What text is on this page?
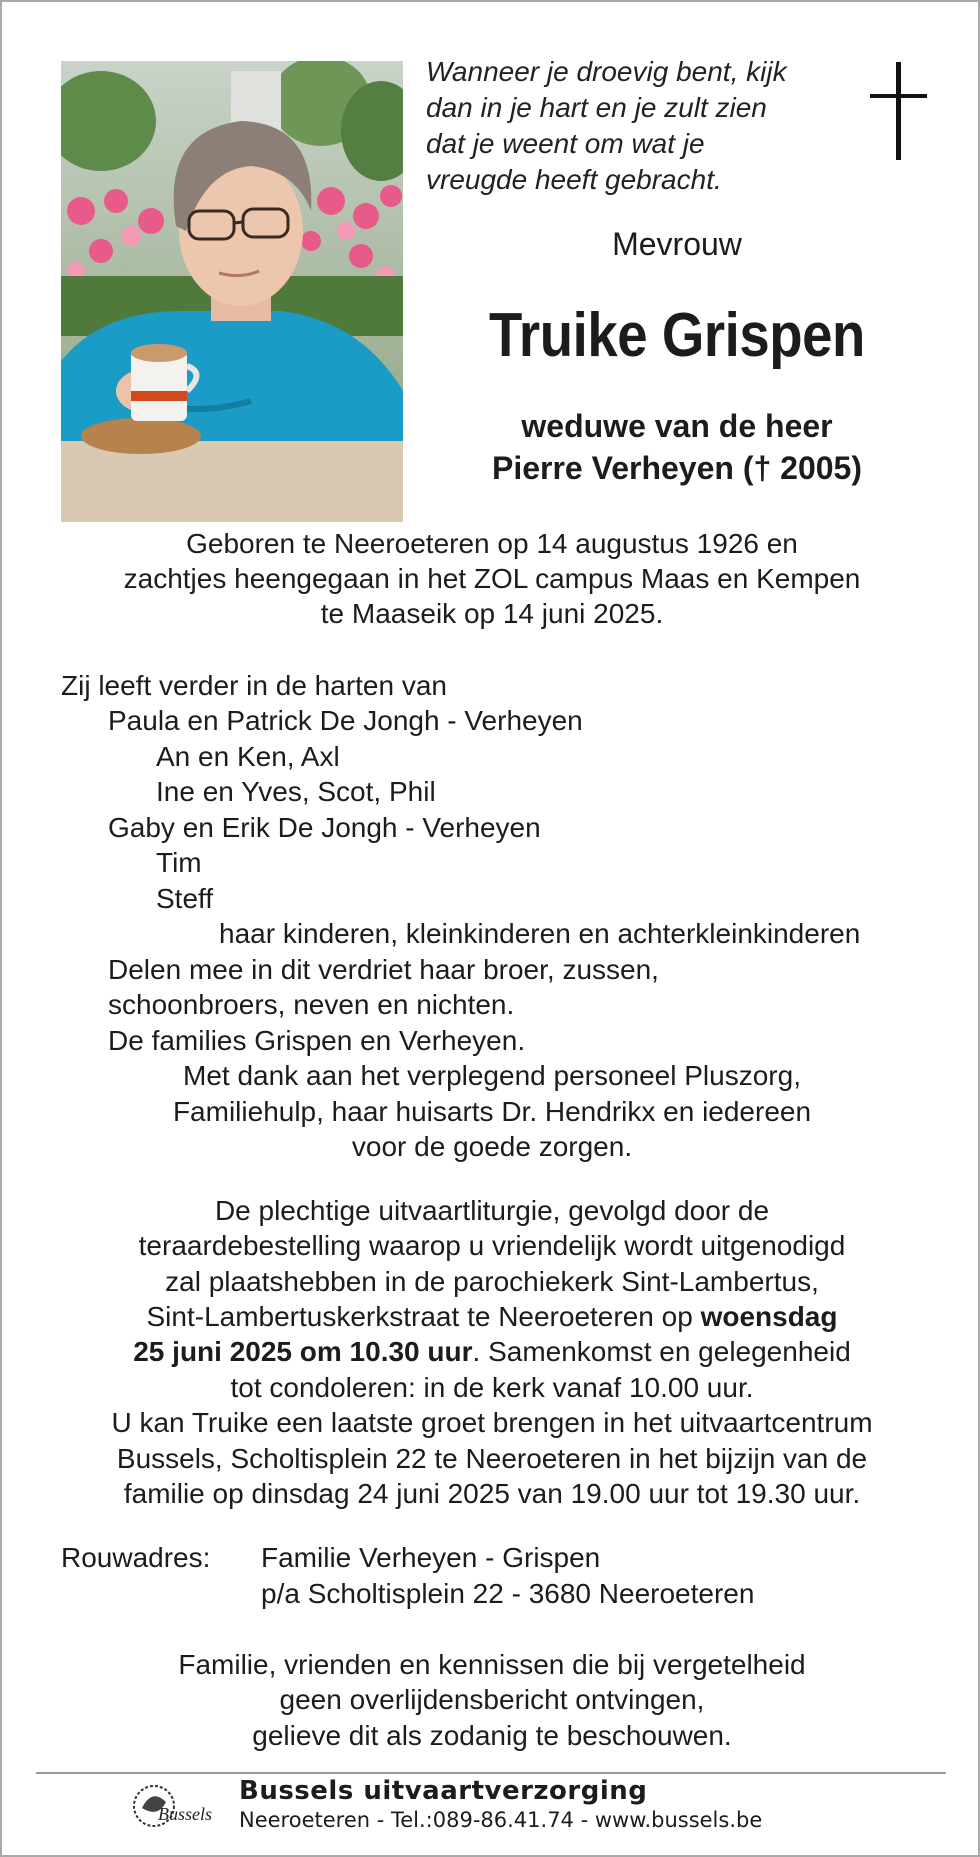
Wanneer je droevig bent, kijk
dan in je hart en je zult zien
dat je weent om wat je
vreugde heeft gebracht.
Mevrouw
Truike Grispen
weduwe van de heer
Pierre Verheyen († 2005)
Geboren te Neeroeteren op 14 augustus 1926 en
zachtjes heengegaan in het ZOL campus Maas en Kempen
te Maaseik op 14 juni 2025.
Zij leeft verder in de harten van
Paula en Patrick De Jongh - Verheyen
An en Ken, Axl
Ine en Yves, Scot, Phil
Gaby en Erik De Jongh - Verheyen
Tim
Steff
haar kinderen, kleinkinderen en achterkleinkinderen
Delen mee in dit verdriet haar broer, zussen,
schoonbroers, neven en nichten.
De families Grispen en Verheyen.
Met dank aan het verplegend personeel Pluszorg,
Familiehulp, haar huisarts Dr. Hendrikx en iedereen
voor de goede zorgen.
De plechtige uitvaartliturgie, gevolgd door de
teraardebestelling waarop u vriendelijk wordt uitgenodigd
zal plaatshebben in de parochiekerk Sint-Lambertus,
Sint-Lambertuskerkstraat te Neeroeteren op woensdag
25 juni 2025 om 10.30 uur. Samenkomst en gelegenheid
tot condoleren: in de kerk vanaf 10.00 uur.
U kan Truike een laatste groet brengen in het uitvaartcentrum
Bussels, Scholtisplein 22 te Neeroeteren in het bijzijn van de
familie op dinsdag 24 juni 2025 van 19.00 uur tot 19.30 uur.
Rouwadres: Familie Verheyen - Grispen
p/a Scholtisplein 22 - 3680 Neeroeteren
Familie, vrienden en kennissen die bij vergetelheid
geen overlijdensbericht ontvingen,
gelieve dit als zodanig te beschouwen.
Bussels
Bussels uitvaartverzorging
Neeroeteren - Tel.:089-86.41.74 - www.bussels.be
